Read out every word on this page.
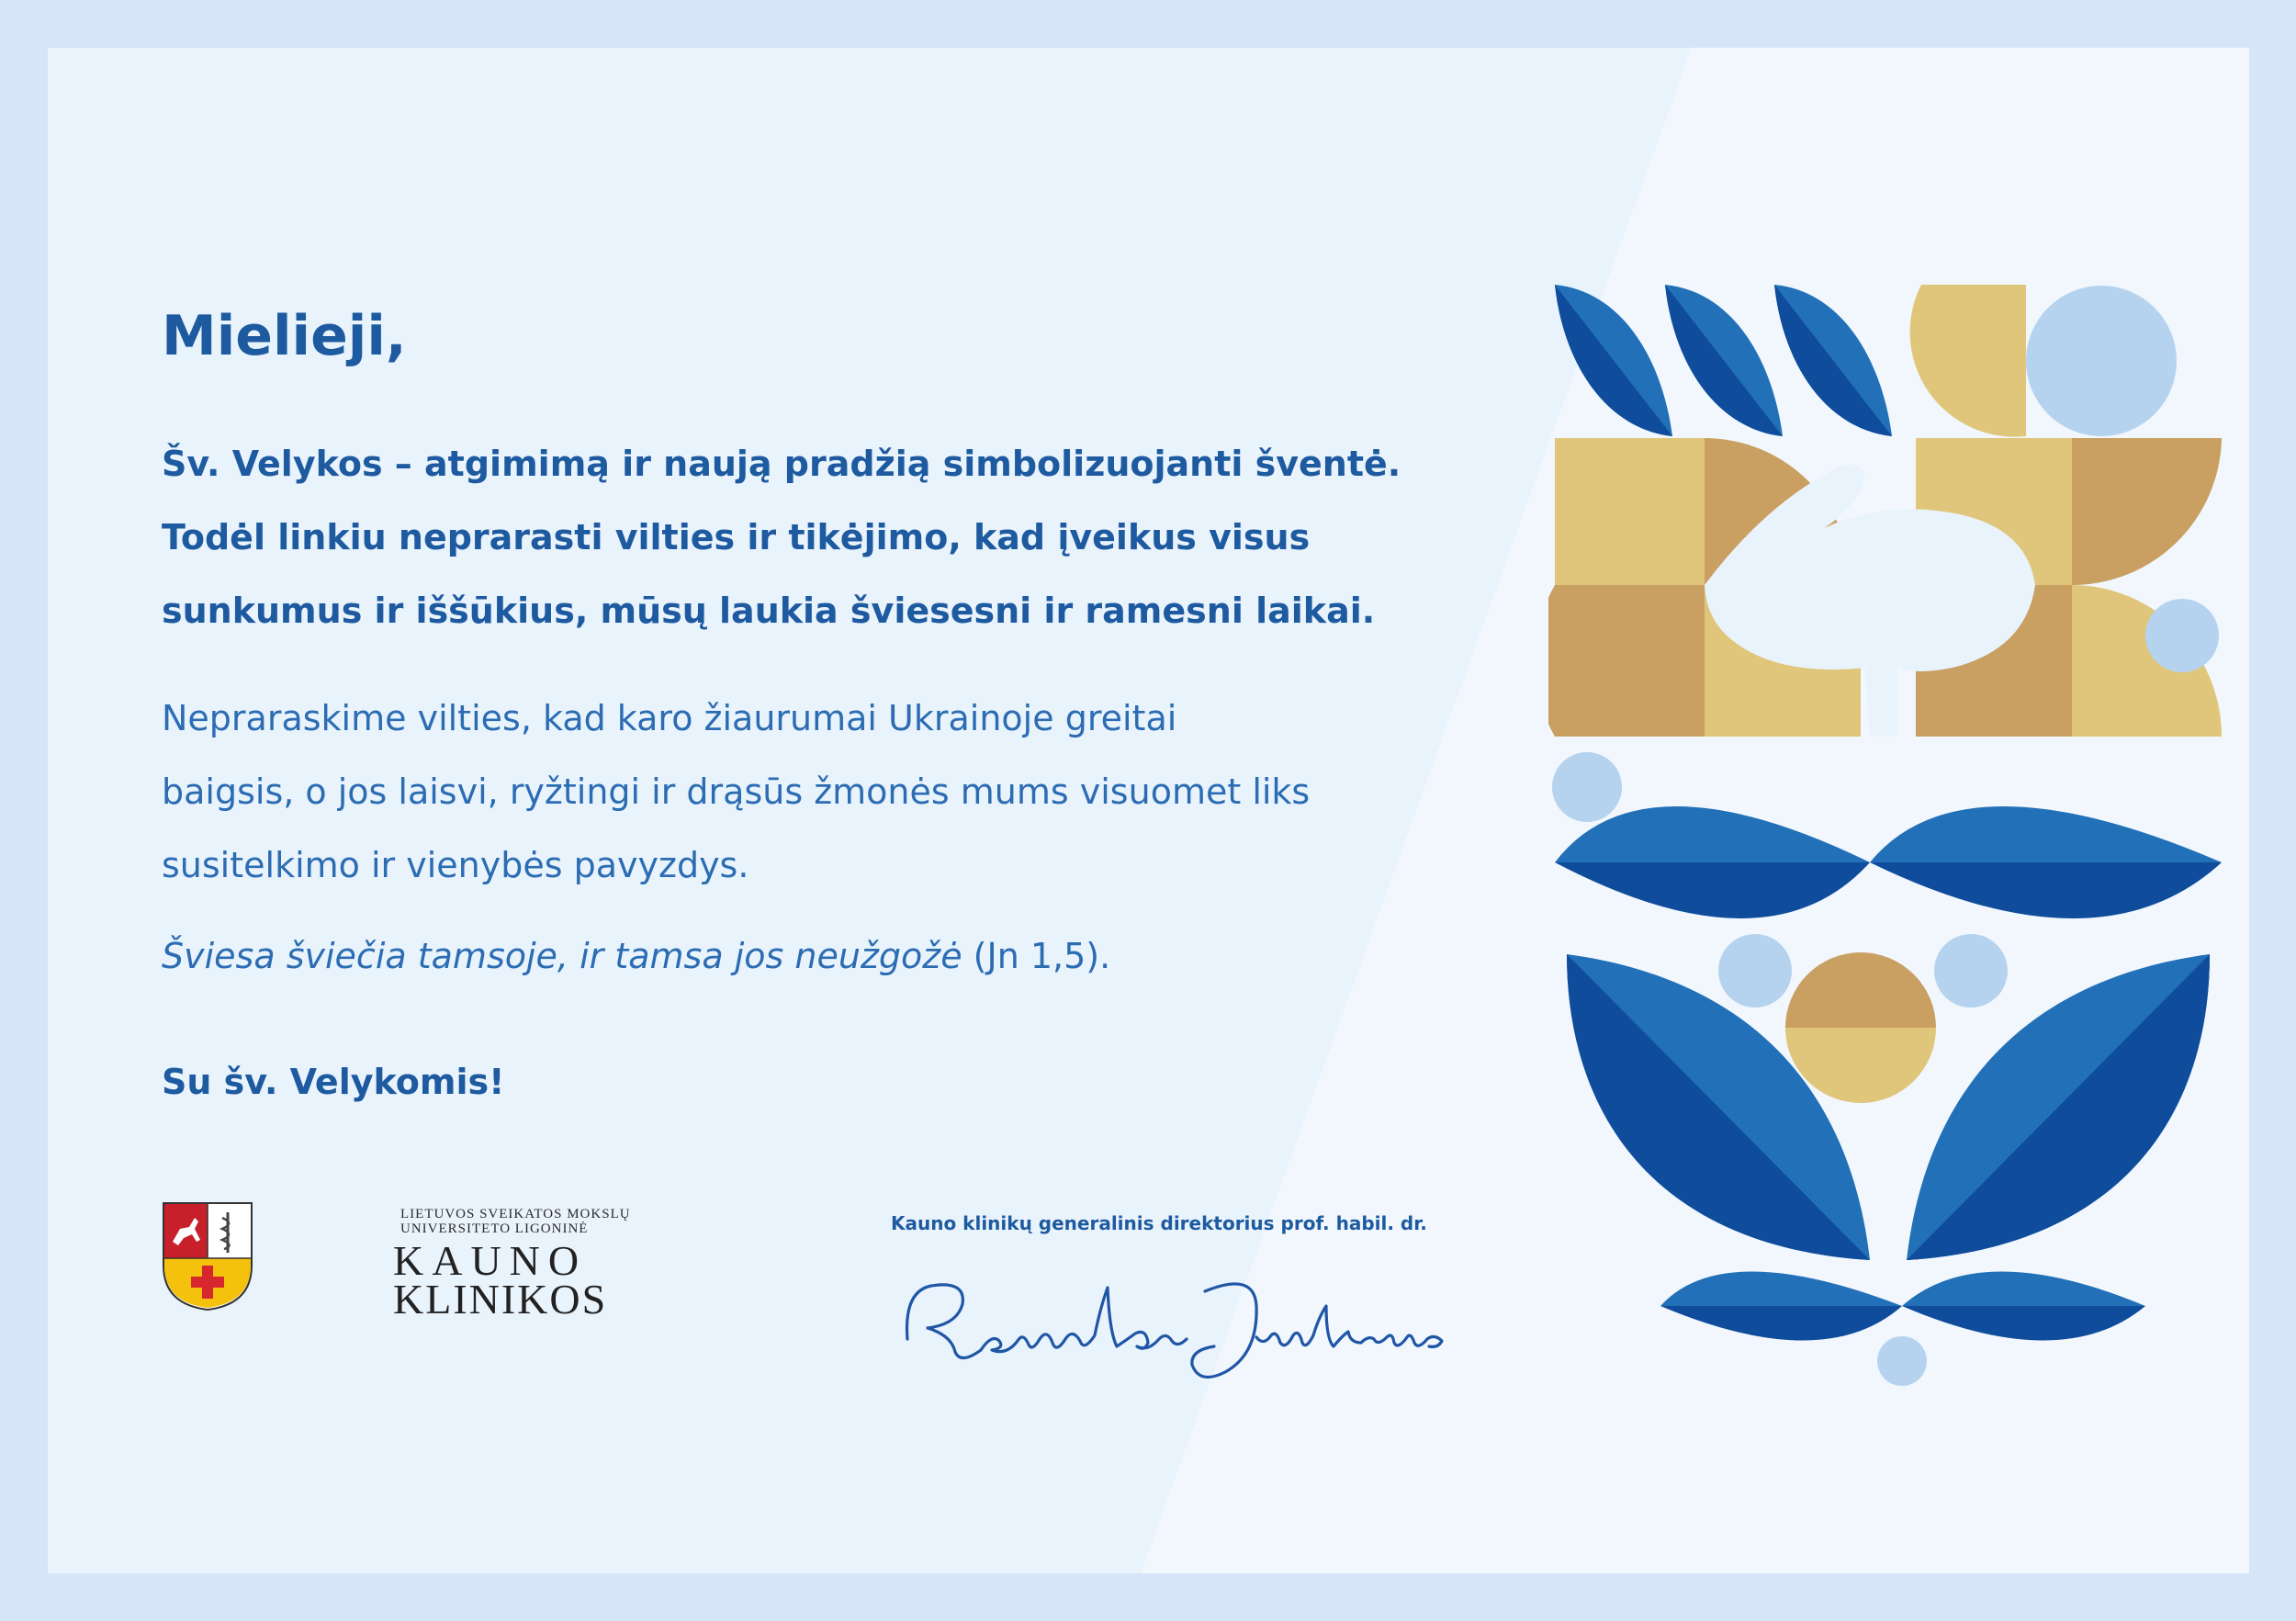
Mielieji,

Šv. Velykos – atgimimą ir naują pradžią simbolizuojanti šventė.
Todėl linkiu neprarasti vilties ir tikėjimo, kad įveikus visus
sunkumus ir iššūkius, mūsų laukia šviesesni ir ramesni laikai.
Nepraraskime vilties, kad karo žiaurumai Ukrainoje greitai
baigsis, o jos laisvi, ryžtingi ir drąsūs žmonės mums visuomet liks
susitelkimo ir vienybės pavyzdys.

Šviesa šviečia tamsoje, ir tamsa jos neužgožė (Jn 1,5).

Su šv. Velykomis!

LIETUVOS SVEIKATOS MOKSLŲ
UNIVERSITETO LIGONINĖ
KAUNO
KLINIKOS
Kauno klinikų generalinis direktorius prof. habil. dr.
